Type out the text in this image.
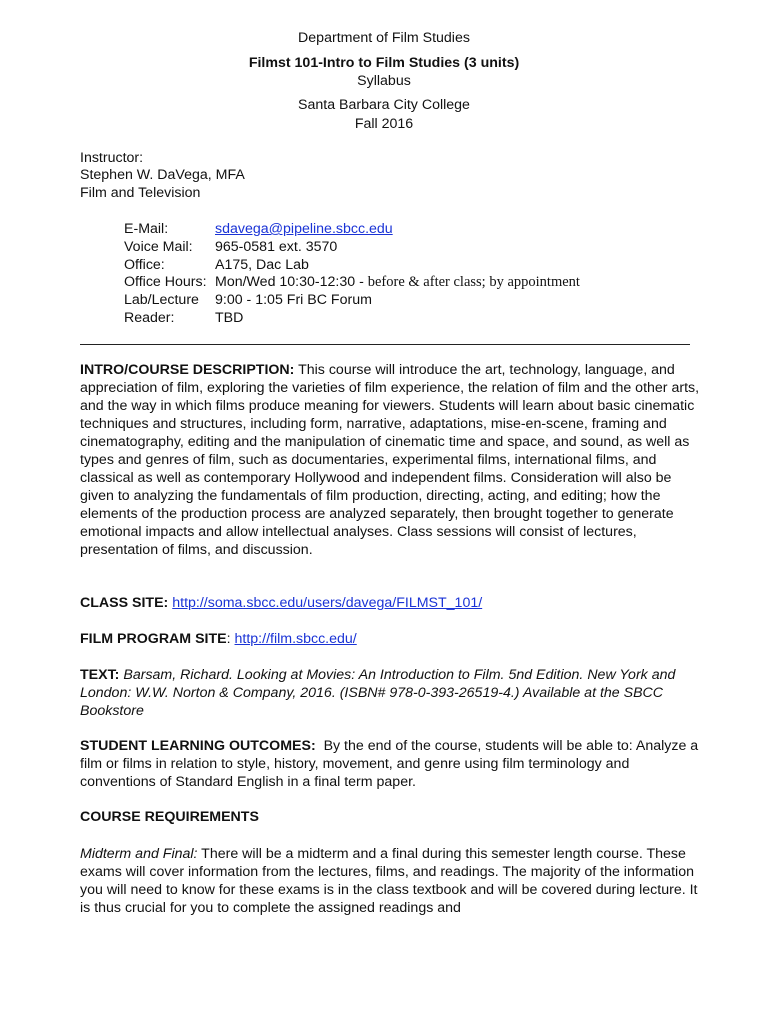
Department of Film Studies
Filmst 101-Intro to Film Studies (3 units)
Syllabus
Santa Barbara City College
Fall 2016
Instructor:
Stephen W. DaVega, MFA
Film and Television
E-Mail:	sdavega@pipeline.sbcc.edu
Voice Mail: 965-0581 ext. 3570
Office:	A175, Dac Lab
Office Hours: Mon/Wed 10:30-12:30 - before & after class; by appointment
Lab/Lecture 9:00 - 1:05 Fri BC Forum
Reader:	TBD

INTRO/COURSE DESCRIPTION: This course will introduce the art, technology, language, and appreciation of film, exploring the varieties of film experience, the relation of film and the other arts, and the way in which films produce meaning for viewers. Students will learn about basic cinematic techniques and structures, including form, narrative, adaptations, mise-en-scene, framing and cinematography, editing and the manipulation of cinematic time and space, and sound, as well as types and genres of film, such as documentaries, experimental films, international films, and classical as well as contemporary Hollywood and independent films. Consideration will also be given to analyzing the fundamentals of film production, directing, acting, and editing; how the elements of the production process are analyzed separately, then brought together to generate emotional impacts and allow intellectual analyses. Class sessions will consist of lectures, presentation of films, and discussion.

CLASS SITE: http://soma.sbcc.edu/users/davega/FILMST_101/

FILM PROGRAM SITE: http://film.sbcc.edu/

TEXT: Barsam, Richard. Looking at Movies: An Introduction to Film. 5nd Edition. New York and London: W.W. Norton & Company, 2016. (ISBN# 978-0-393-26519-4.) Available at the SBCC Bookstore

STUDENT LEARNING OUTCOMES: By the end of the course, students will be able to: Analyze a film or films in relation to style, history, movement, and genre using film terminology and conventions of Standard English in a final term paper.

COURSE REQUIREMENTS

Midterm and Final: There will be a midterm and a final during this semester length course. These exams will cover information from the lectures, films, and readings. The majority of the information you will need to know for these exams is in the class textbook and will be covered during lecture. It is thus crucial for you to complete the assigned readings and
